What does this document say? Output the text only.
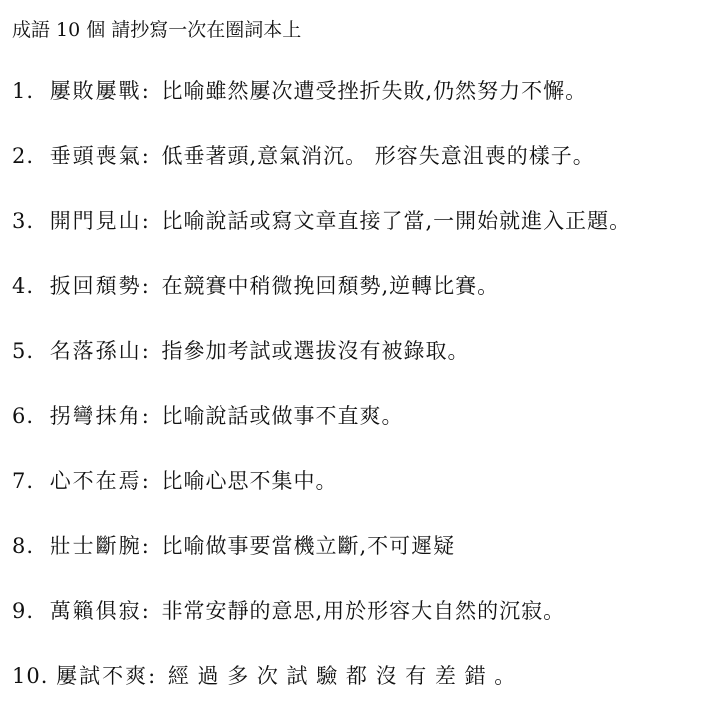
成語 10 個 請抄寫一次在圈詞本上
1. 屢敗屢戰: 比喻雖然屢次遭受挫折失敗,仍然努力不懈。
2. 垂頭喪氣: 低垂著頭,意氣消沉。 形容失意沮喪的樣子。
3. 開門見山: 比喻說話或寫文章直接了當,一開始就進入正題。
4. 扳回頹勢: 在競賽中稍微挽回頹勢,逆轉比賽。
5. 名落孫山: 指參加考試或選拔沒有被錄取。
6. 拐彎抹角: 比喻說話或做事不直爽。
7. 心不在焉: 比喻心思不集中。
8. 壯士斷腕: 比喻做事要當機立斷,不可遲疑
9. 萬籟俱寂: 非常安靜的意思,用於形容大自然的沉寂。
10. 屢試不爽: 經 過 多 次 試 驗 都 沒 有 差 錯 。
